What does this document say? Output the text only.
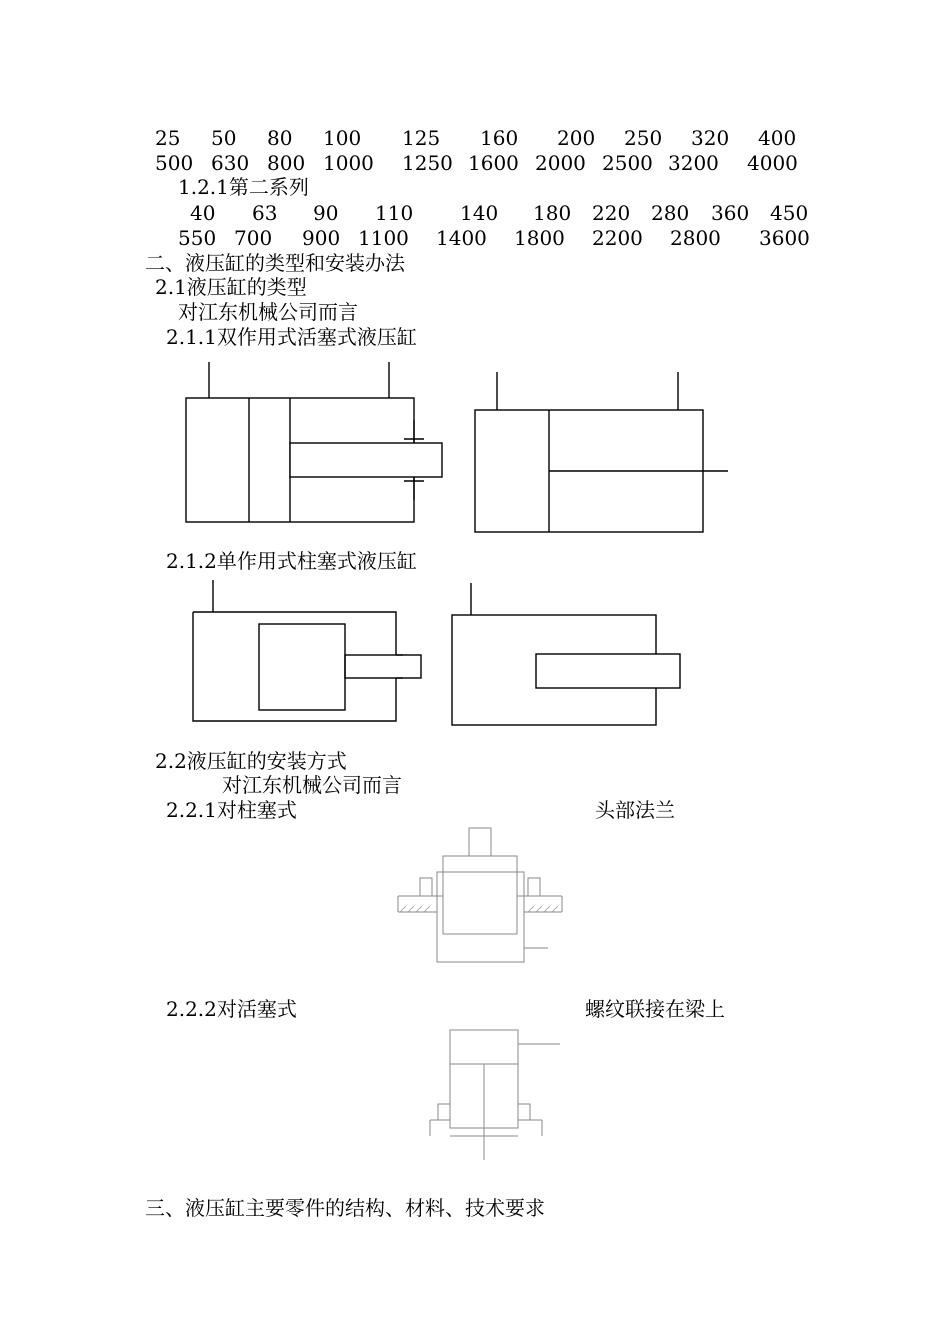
25 50 80 100 125 160 200 250 320 400
500 630 800 1000 1250 1600 2000 2500 3200 4000
1.2.1第二系列
40 63 90 110 140 180 220 280 360 450
550 700 900 1100 1400 1800 2200 2800 3600
二、液压缸的类型和安装办法
2.1液压缸的类型
对江东机械公司而言
2.1.1双作用式活塞式液压缸
2.1.2单作用式柱塞式液压缸
2.2液压缸的安装方式
对江东机械公司而言
2.2.1对柱塞式	头部法兰
2.2.2对活塞式	螺纹联接在梁上
三、液压缸主要零件的结构、材料、技术要求
